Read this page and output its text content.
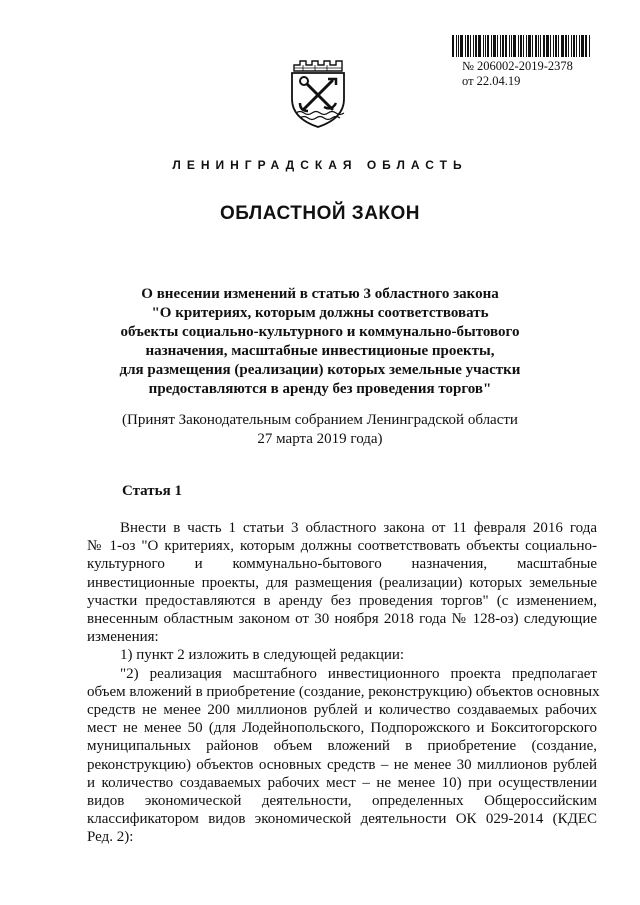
№ 206002-2019-2378
от 22.04.19
ЛЕНИНГРАДСКАЯ ОБЛАСТЬ
ОБЛАСТНОЙ ЗАКОН
О внесении изменений в статью 3 областного закона
"О критериях, которым должны соответствовать
объекты социально-культурного и коммунально-бытового
назначения, масштабные инвестиционые проекты,
для размещения (реализации) которых земельные участки
предоставляются в аренду без проведения торгов"
(Принят Законодательным собранием Ленинградской области
27 марта 2019 года)
Статья 1
Внести в часть 1 статьи 3 областного закона от 11 февраля 2016 года
№ 1-оз "О критериях, которым должны соответствовать объекты социально-
культурного и коммунально-бытового назначения, масштабные
инвестиционные проекты, для размещения (реализации) которых земельные
участки предоставляются в аренду без проведения торгов" (с изменением,
внесенным областным законом от 30 ноября 2018 года № 128-оз) следующие
изменения:
1) пункт 2 изложить в следующей редакции:
"2) реализация масштабного инвестиционного проекта предполагает
объем вложений в приобретение (создание, реконструкцию) объектов основных
средств не менее 200 миллионов рублей и количество создаваемых рабочих
мест не менее 50 (для Лодейнопольского, Подпорожского и Бокситогорского
муниципальных районов объем вложений в приобретение (создание,
реконструкцию) объектов основных средств – не менее 30 миллионов рублей
и количество создаваемых рабочих мест – не менее 10) при осуществлении
видов экономической деятельности, определенных Общероссийским
классификатором видов экономической деятельности ОК 029-2014 (КДЕС
Ред. 2):
